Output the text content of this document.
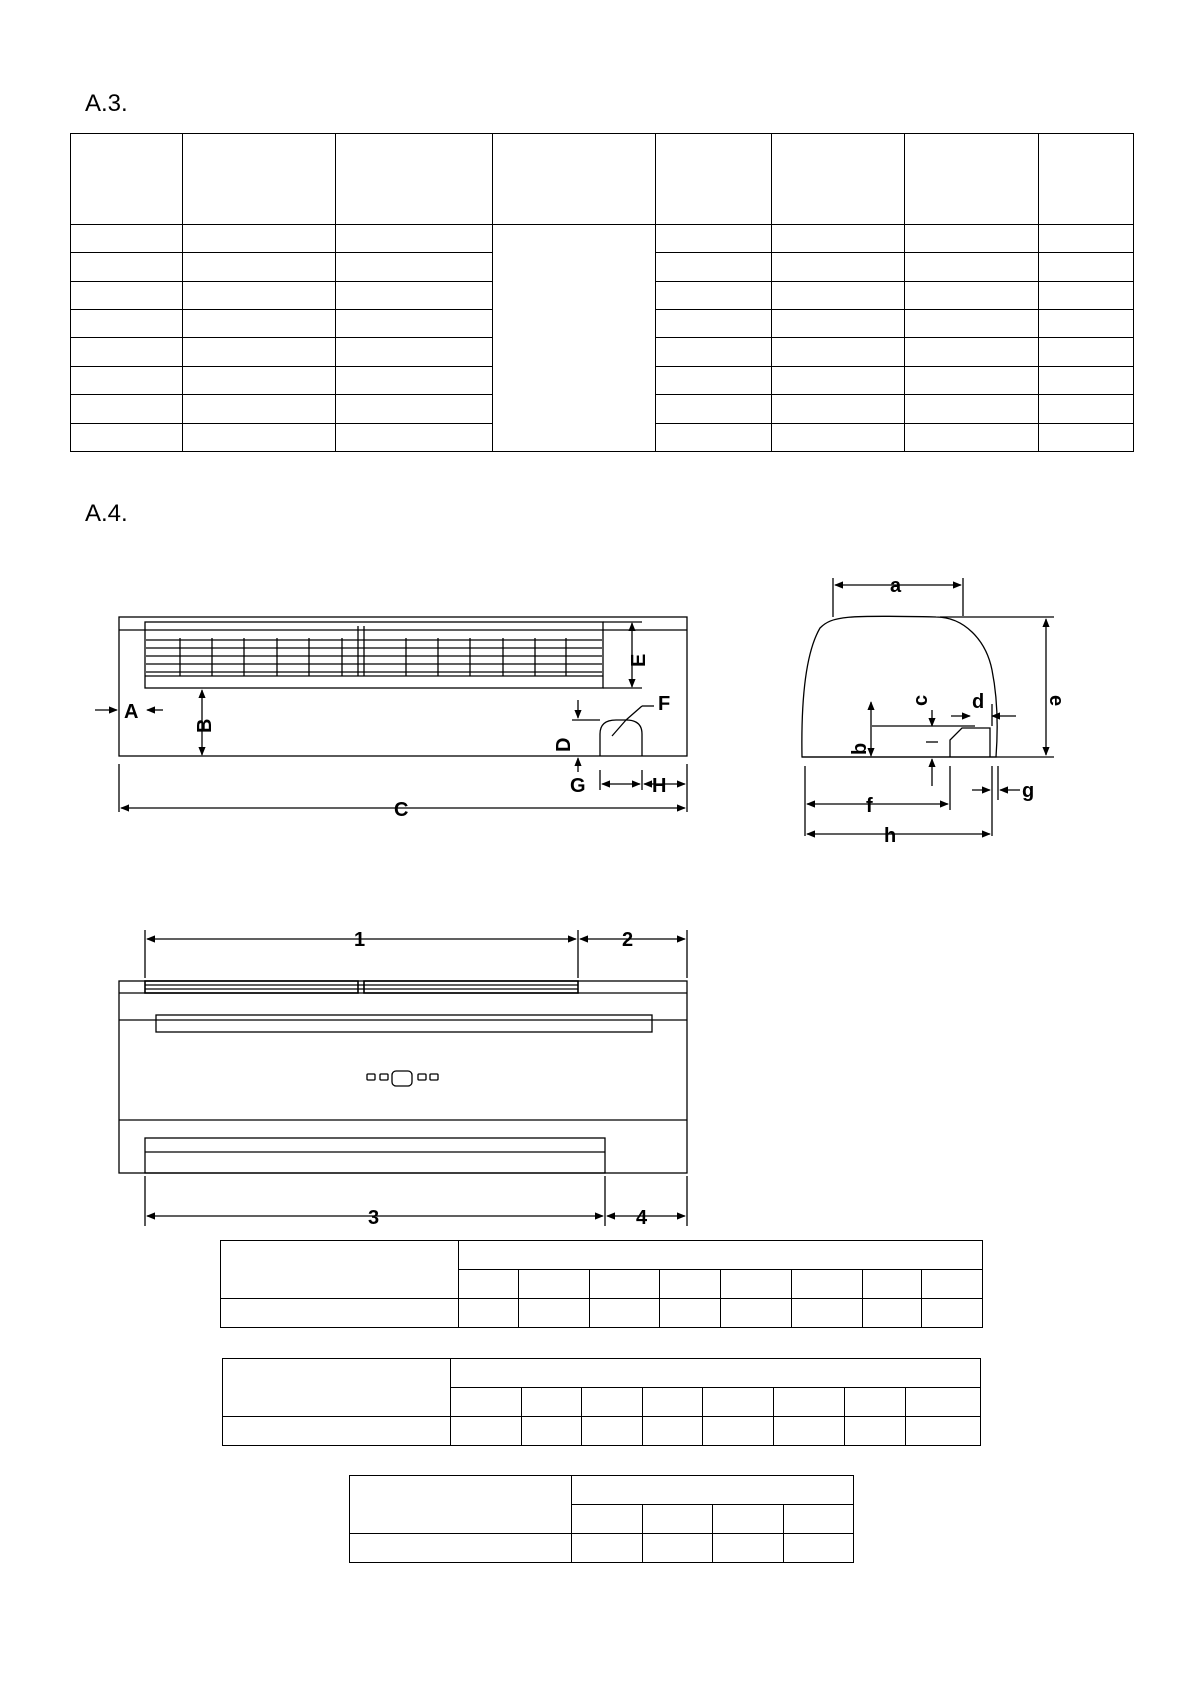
A.3.

A.4.
A
B
C
D
E
F
G	H
a
b
c d	e
f
g
h
1	2
3	4
